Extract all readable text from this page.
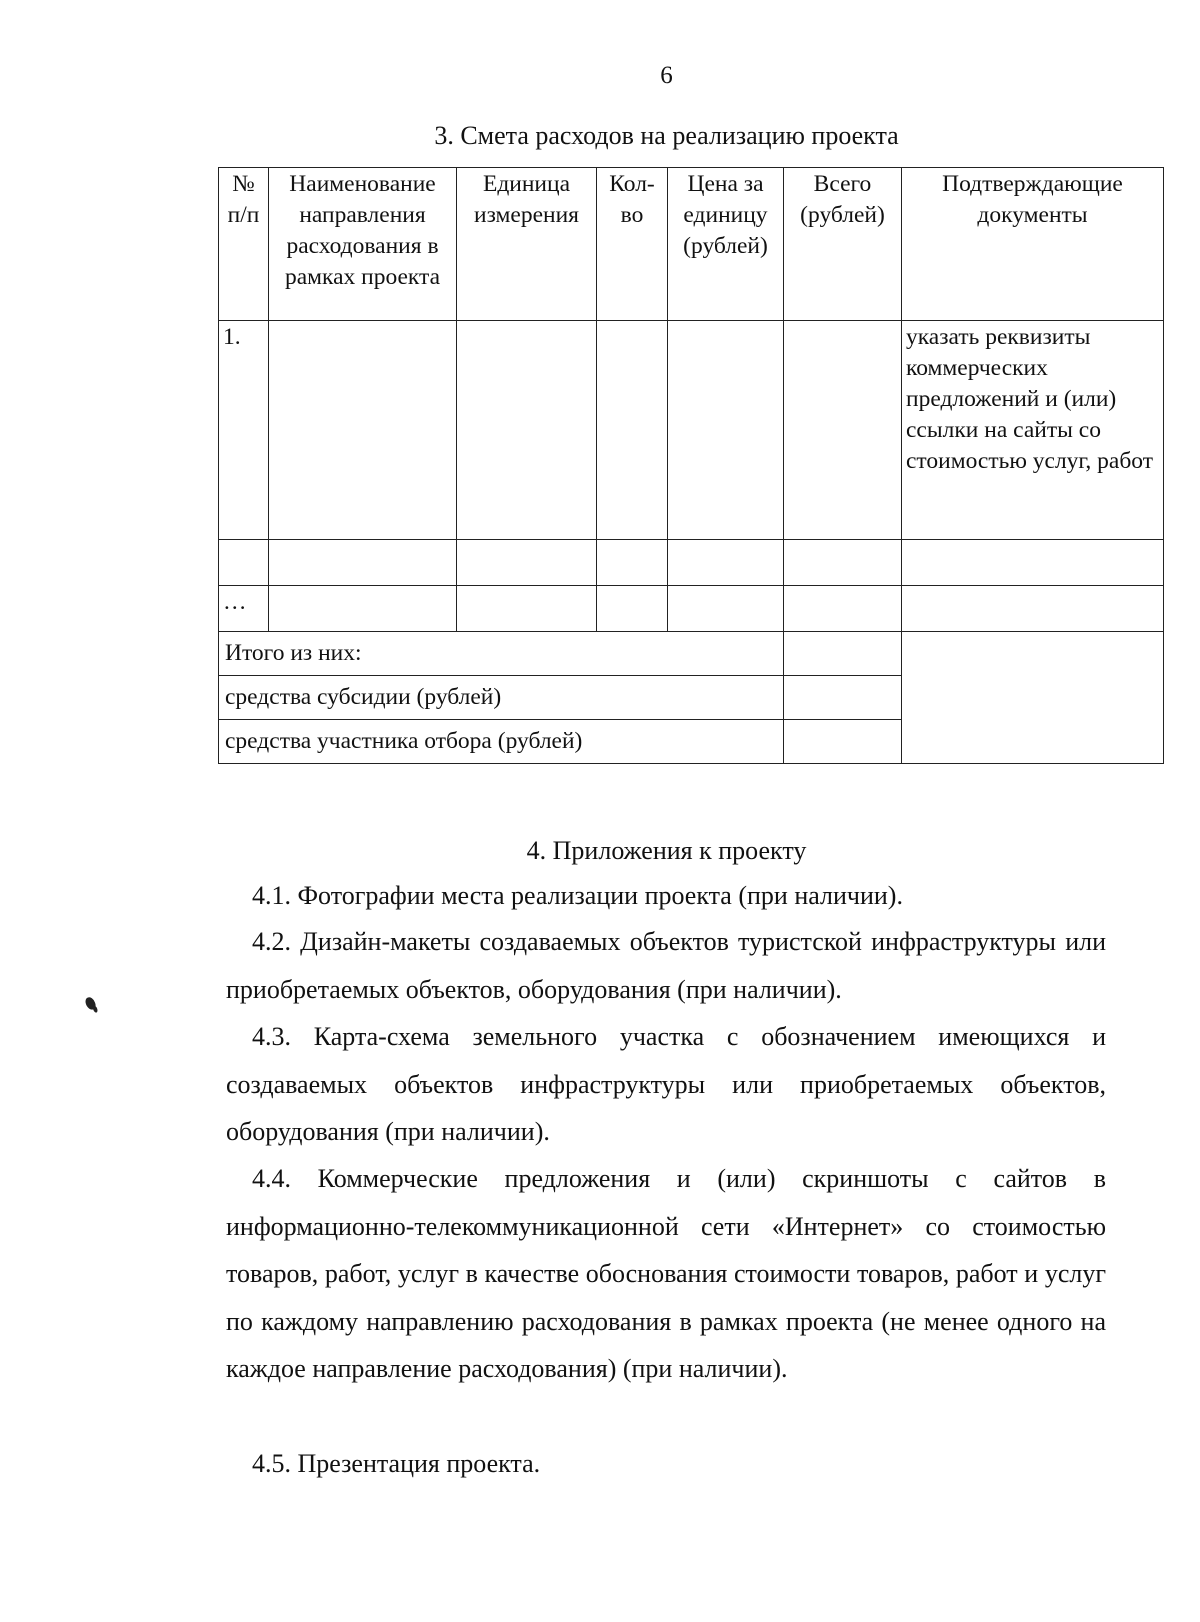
6
3. Смета расходов на реализацию проекта
№ п/п	Наименование направления расходования в рамках проекта	Единица измерения	Кол-во	Цена за единицу (рублей)	Всего (рублей)	Подтверждающие документы
1.						указать реквизиты коммерческих предложений и (или) ссылки на сайты со стоимостью услуг, работ

…						
Итого из них:						
средства субсидии (рублей)						
средства участника отбора (рублей)						
4. Приложения к проекту

4.1. Фотографии места реализации проекта (при наличии).

4.2. Дизайн-макеты создаваемых объектов туристской инфраструктуры или приобретаемых объектов, оборудования (при наличии).

4.3. Карта-схема земельного участка с обозначением имеющихся и создаваемых объектов инфраструктуры или приобретаемых объектов, оборудования (при наличии).

4.4. Коммерческие предложения и (или) скриншоты с сайтов в информационно-телекоммуникационной сети «Интернет» со стоимостью товаров, работ, услуг в качестве обоснования стоимости товаров, работ и услуг по каждому направлению расходования в рамках проекта (не менее одного на каждое направление расходования) (при наличии).

4.5. Презентация проекта.
